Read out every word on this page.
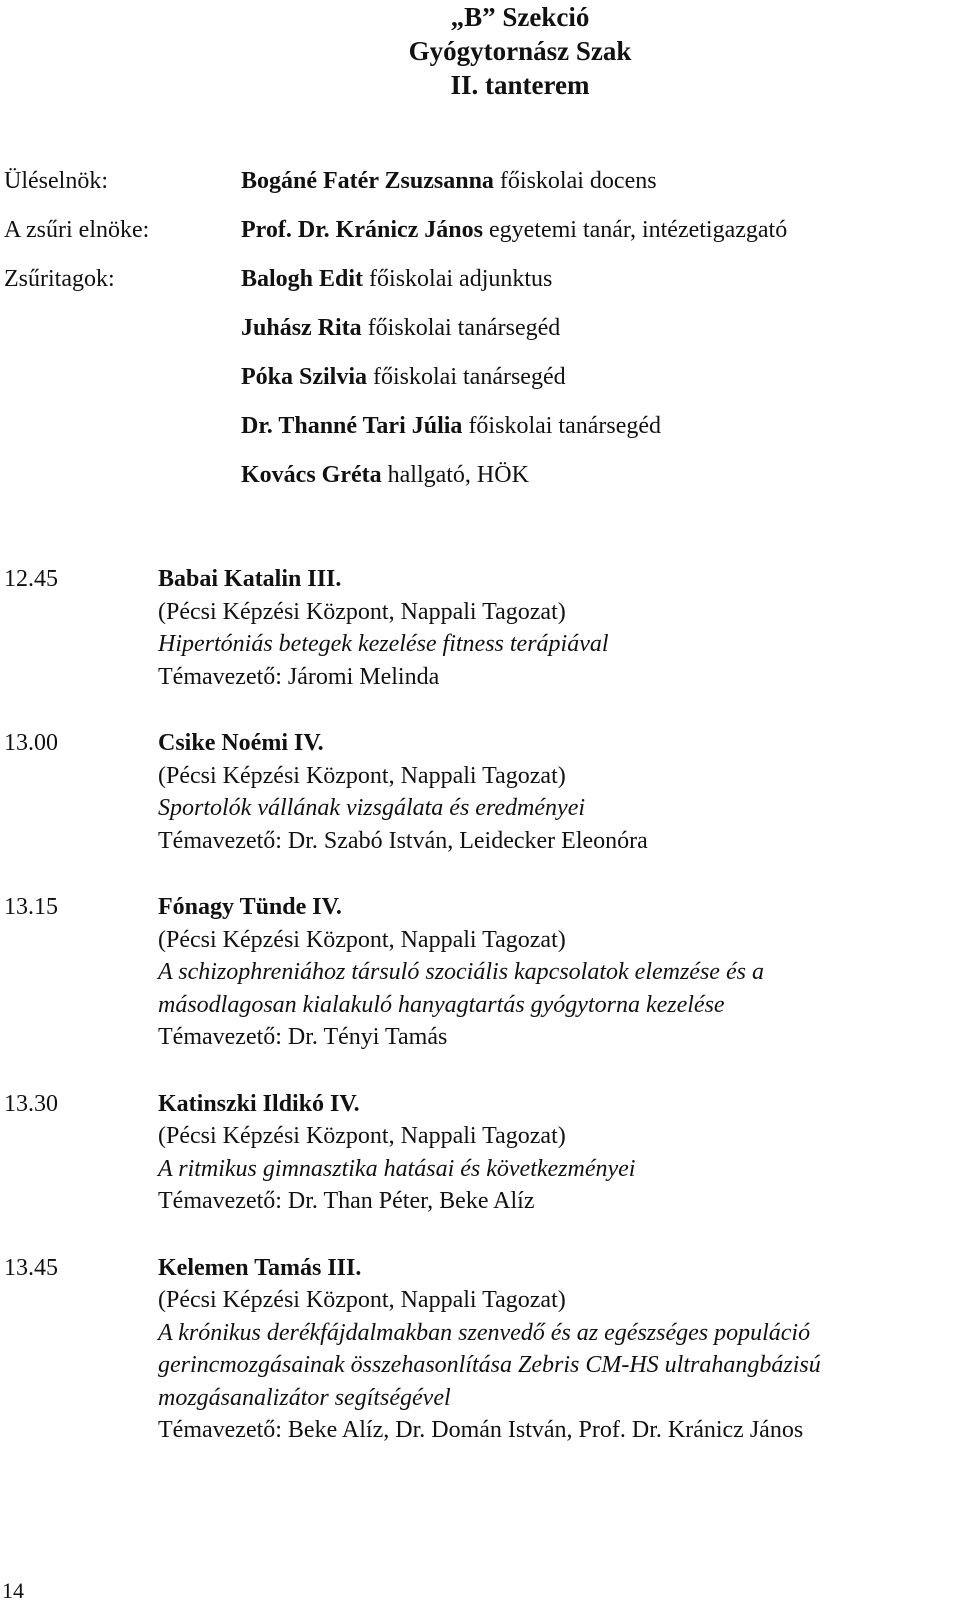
„B” Szekció
Gyógytornász Szak
II. tanterem
Üléselnök:	Bogáné Fatér Zsuzsanna főiskolai docens
A zsűri elnöke:	Prof. Dr. Kránicz János egyetemi tanár, intézetigazgató
Zsűritagok:	Balogh Edit főiskolai adjunktus
Juhász Rita főiskolai tanársegéd
Póka Szilvia főiskolai tanársegéd
Dr. Thanné Tari Júlia főiskolai tanársegéd
Kovács Gréta hallgató, HÖK
12.45	Babai Katalin III.
(Pécsi Képzési Központ, Nappali Tagozat)
Hipertóniás betegek kezelése fitness terápiával
Témavezető: Járomi Melinda
13.00	Csike Noémi IV.
(Pécsi Képzési Központ, Nappali Tagozat)
Sportolók vállának vizsgálata és eredményei
Témavezető: Dr. Szabó István, Leidecker Eleonóra
13.15	Fónagy Tünde IV.
(Pécsi Képzési Központ, Nappali Tagozat)
A schizophreniához társuló szociális kapcsolatok elemzése és a
másodlagosan kialakuló hanyagtartás gyógytorna kezelése
Témavezető: Dr. Tényi Tamás
13.30	Katinszki Ildikó IV.
(Pécsi Képzési Központ, Nappali Tagozat)
A ritmikus gimnasztika hatásai és következményei
Témavezető: Dr. Than Péter, Beke Alíz
13.45	Kelemen Tamás III.
(Pécsi Képzési Központ, Nappali Tagozat)
A krónikus derékfájdalmakban szenvedő és az egészséges populáció
gerincmozgásainak összehasonlítása Zebris CM-HS ultrahangbázisú
mozgásanalizátor segítségével
Témavezető: Beke Alíz, Dr. Domán István, Prof. Dr. Kránicz János
14
